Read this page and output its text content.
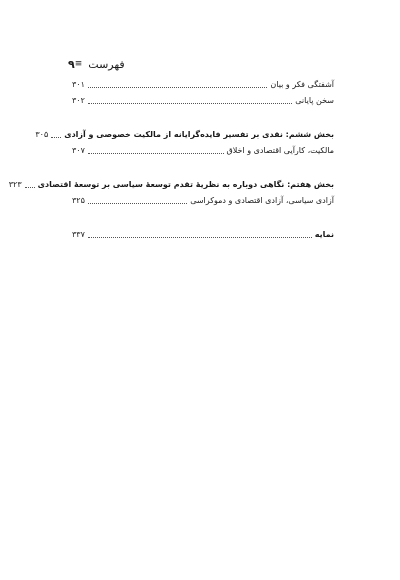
فهرست
≡
۹
آشفتگی فکر و بیان
۳۰۱
سخن پایانی
۳۰۲
بخش ششم: نقدی بر تفسیر فایده‌گرایانه از مالکیت خصوصی و آزادی
۳۰۵
مالکیت، کارآیی اقتصادی و اخلاق
۳۰۷
بخش هفتم: نگاهی دوباره به نظریهٔ تقدم توسعهٔ سیاسی بر توسعهٔ اقتصادی
۳۲۳
آزادی سیاسی، آزادی اقتصادی و دموکراسی
۳۲۵
نمایه
۳۳۷
